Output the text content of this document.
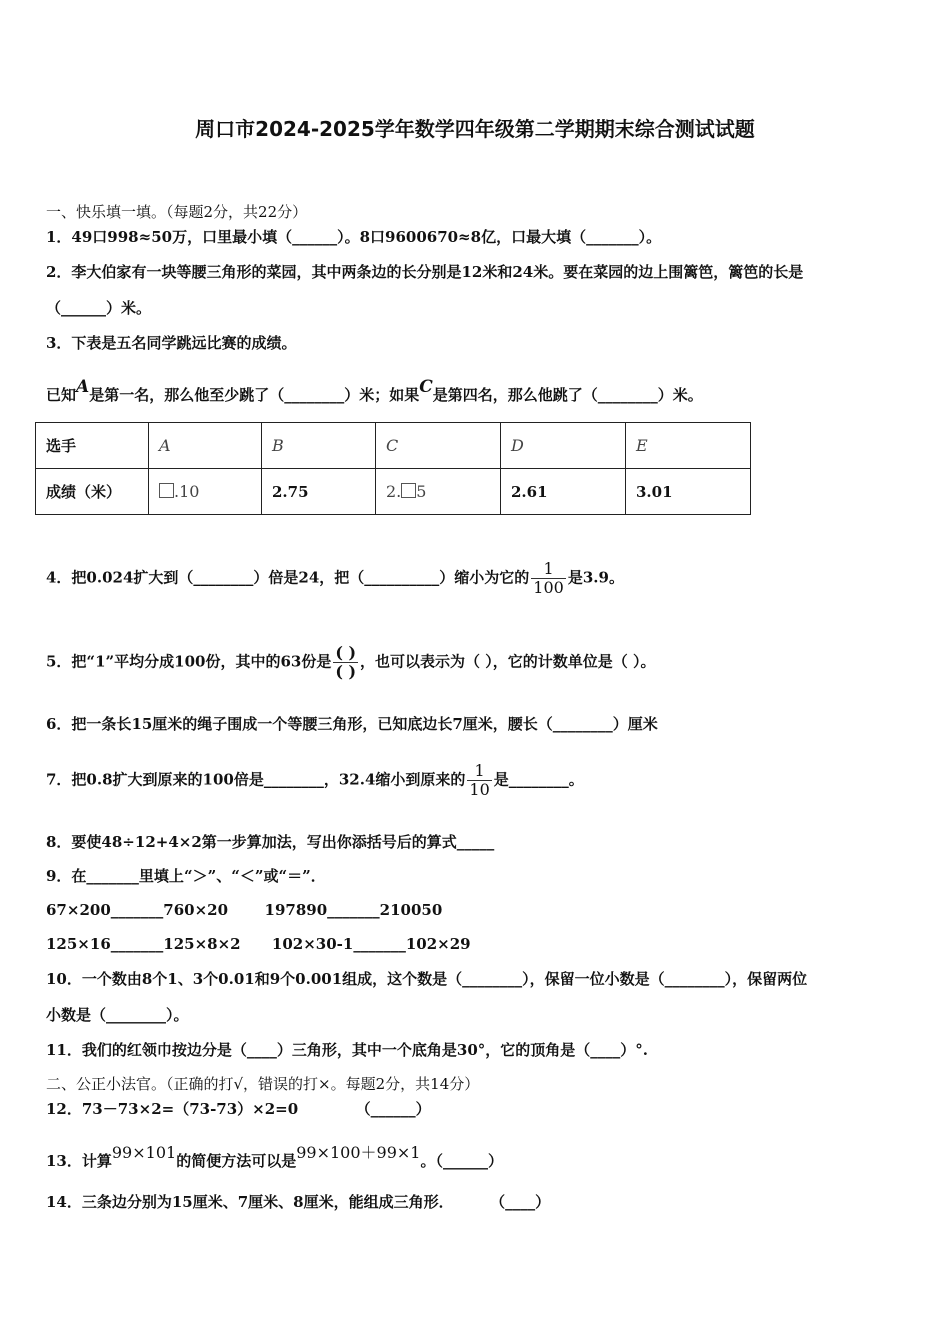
周口市2024-2025学年数学四年级第二学期期末综合测试试题
一、快乐填一填。（每题2分，共22分）
1．49口998≈50万，口里最小填（______）。8口9600670≈8亿，口最大填（_______）。
2．李大伯家有一块等腰三角形的菜园，其中两条边的长分别是12米和24米。要在菜园的边上围篱笆，篱笆的长是
（______）米。
3．下表是五名同学跳远比赛的成绩。
已知A是第一名，那么他至少跳了（________）米；如果C是第四名，那么他跳了（________）米。
选手	A	B	C	D	E
成绩（米）	.10	2.75	2. 5	2.61	3.01
4．把0.024扩大到（________）倍是24，把（__________）缩小为它的 $\frac{1}{100}$ 是3.9。
5．把“1”平均分成100份，其中的63份是 $\frac{( )}{( )}$ ，也可以表示为（ ），它的计数单位是（ ）。
6．把一条长15厘米的绳子围成一个等腰三角形，已知底边长7厘米，腰长（________）厘米
7．把0.8扩大到原来的100倍是________，32.4缩小到原来的 $\frac{1}{10}$ 是________。
8．要使48÷12+4×2第一步算加法，写出你添括号后的算式_____
9．在_______里填上“＞”、“＜”或“＝”．
67×200_______760×20       197890_______210050
125×16_______125×8×2      102×30-1_______102×29
10．一个数由8个1、3个0.01和9个0.001组成，这个数是（________），保留一位小数是（________），保留两位
小数是（________）。
11．我们的红领巾按边分是（____）三角形，其中一个底角是30°，它的顶角是（____）°.
二、公正小法官。（正确的打√，错误的打×。每题2分，共14分）
12．73－73×2=（73-73）×2=0           （______）
13．计算99×101的简便方法可以是99×100＋99×1。（______）
14．三条边分别为15厘米、7厘米、8厘米，能组成三角形．       （____）
